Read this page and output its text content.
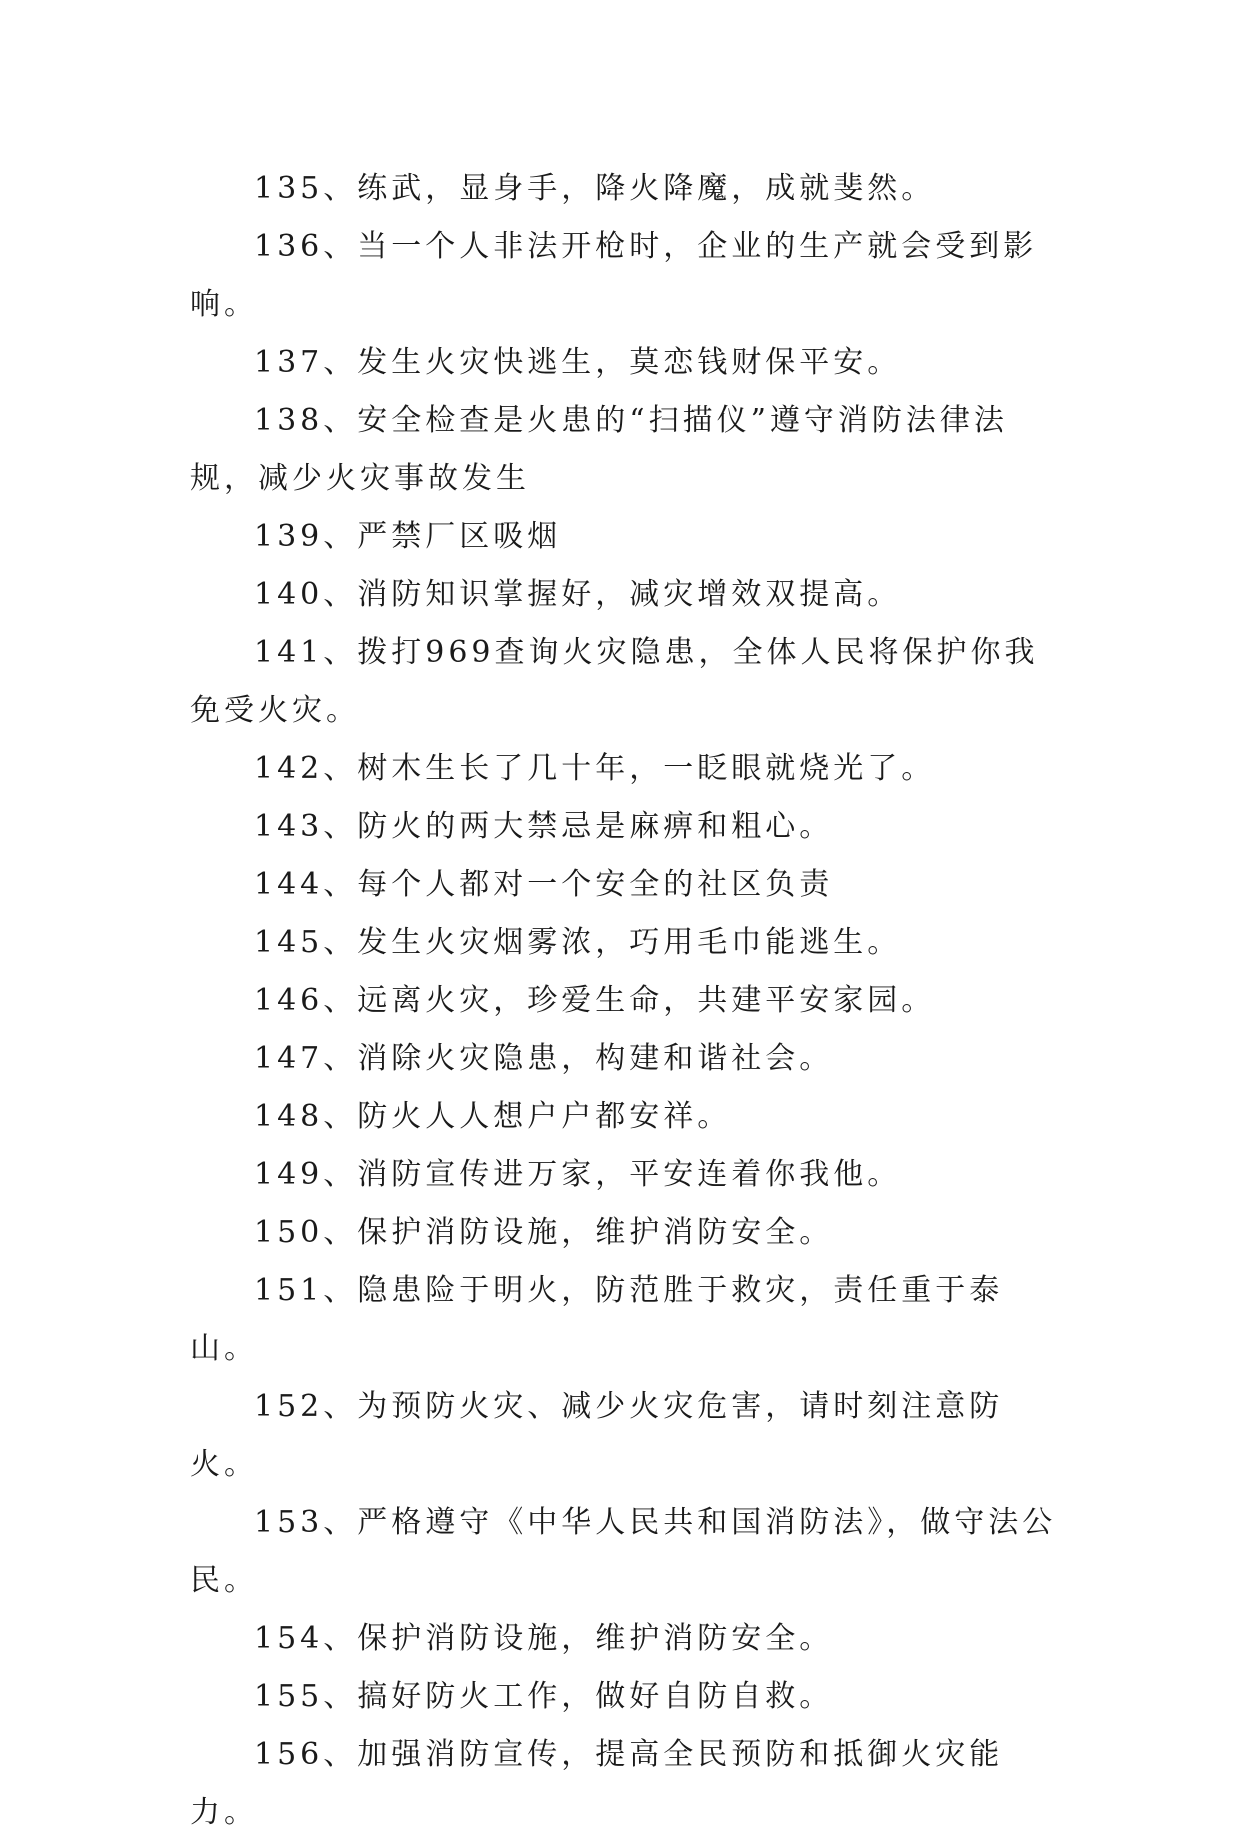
135、练武，显身手，降火降魔，成就斐然。

136、当一个人非法开枪时，企业的生产就会受到影响。

137、发生火灾快逃生，莫恋钱财保平安。

138、安全检查是火患的“扫描仪”遵守消防法律法规，减少火灾事故发生

139、严禁厂区吸烟

140、消防知识掌握好，减灾增效双提高。

141、拨打969查询火灾隐患，全体人民将保护你我免受火灾。

142、树木生长了几十年，一眨眼就烧光了。

143、防火的两大禁忌是麻痹和粗心。

144、每个人都对一个安全的社区负责

145、发生火灾烟雾浓，巧用毛巾能逃生。

146、远离火灾，珍爱生命，共建平安家园。

147、消除火灾隐患，构建和谐社会。

148、防火人人想户户都安祥。

149、消防宣传进万家，平安连着你我他。

150、保护消防设施，维护消防安全。

151、隐患险于明火，防范胜于救灾，责任重于泰山。

152、为预防火灾、减少火灾危害，请时刻注意防火。

153、严格遵守《中华人民共和国消防法》，做守法公民。

154、保护消防设施，维护消防安全。

155、搞好防火工作，做好自防自救。

156、加强消防宣传，提高全民预防和抵御火灾能力。
